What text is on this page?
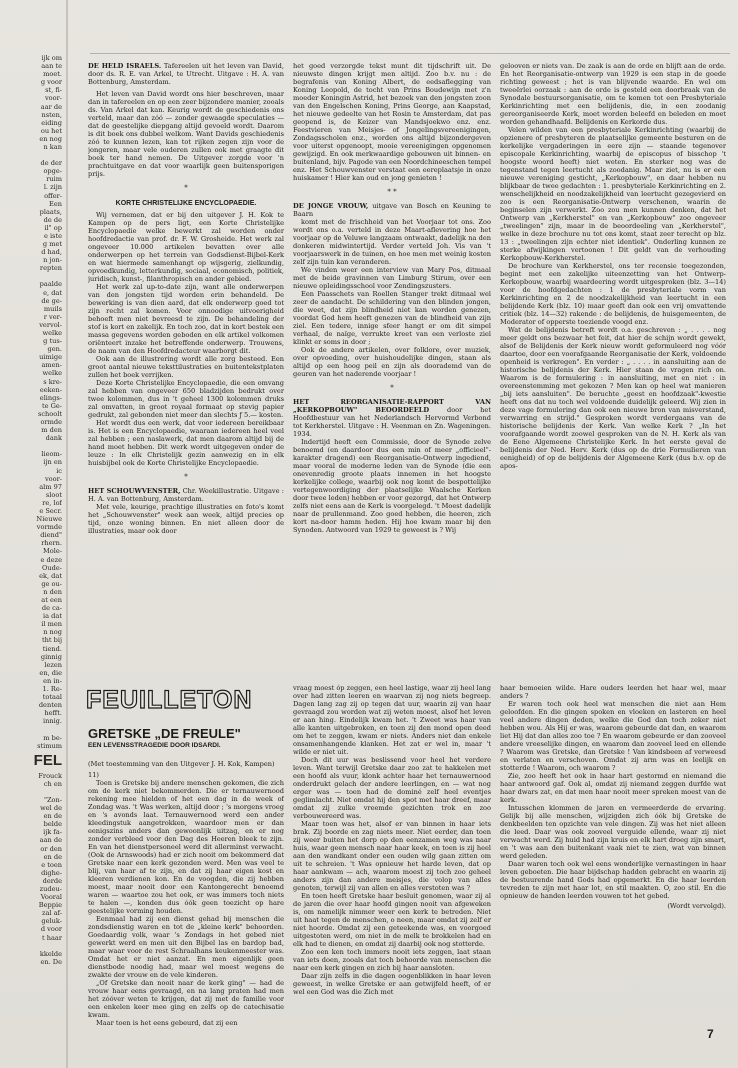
ijk om
aan te
moet.
g voor
st, fi-
voor-
aar de
nsten,
eiding
ou het
en nog
n kan
de der
opge-
ruim
l. zijn
offer-
Een
plaats,
de de
il" op
e iste
g met
d had,
n jon-
repten
paalde
e, dat
de ge-
muils
r ver-
vervol-
welke
g tus-
gen.
uimige
amen-
welke
s kre-
eeken-
elings-
te Ge-
schoolt
ormde
m den
dank
lieom-
ijn en
ic
voor-
alm 97
sloot
re, lof
e Secr.
Nieuwe
vormde
diend"
rhern.
Mole-
e deze
Oude-
ek, dat
ge ou-
n den
at een
de ca-
ia dat
il men
n nog
tht bij
tiend.
ginnig
lezen
en, die
en in-
1. Re-
totaal
denten
hefft.
innig.
m be-
stimum
FEL
Frouck
ch en

"Zon-
wel de
en de
belde
ijk fa-
aan de
or den
en de
e toen
dighe-
derde
zudeu-
Vooral
Beppie
zal af-
geluk-
d voor
t haar

kkelde
en. De

DE HELD ISRAELS. Tafereelen uit het leven van David, door ds. R. E. van Arkel, te Utrecht. Uitgave : H. A. van Bottenburg, Amsterdam.

Het leven van David wordt ons hier beschreven, maar dan in tafereelen en op een zeer bijzondere manier, zooals ds. Van Arkel dat kan. Keurig wordt de geschiedenis ons verteld, maar dan zóó — zonder gewaagde speculaties — dat de geestelijke diepgang altijd gevoeld wordt. Daarom is dit boek ons dubbel welkom. Want Davids geschiedenis zóó te kunnen lezen, kan tot rijken zegen zijn voor de jongeren, maar vele ouderen zullen ook met graagte dit boek ter hand nemen. De Uitgever zorgde voor 'n prachtuitgave en dat voor waarlijk geen buitensporigen prijs.

*
KORTE CHRISTELIJKE ENCYCLOPAEDIE.

Wij vernemen, dat er bij den uitgever J. H. Kok te Kampen op de pers ligt, een Korte Christelijke Encyclopaedie welke bewerkt zal worden onder hoofdredactie van prof. dr. F. W. Grosheide. Het werk zal ongeveer 10.000 artikelen bevatten over alle onderwerpen op het terrein van Godsdienst-Bijbel-Kerk en wat hiermede samenhangt op wijsgerig, zielkundig, opvoedkundig, letterkundig, sociaal, economisch, politiek, juridisch, kunst-, filanthropisch en ander gebied.

Het werk zal up-to-date zijn, want alle onderwerpen van den jongsten tijd worden erin behandeld. De bewerking is van dien aard, dat elk onderwerp goed tot zijn recht zal komen. Voor onnoodige uitvoerigheid behoeft men niet bevreesd te zijn. De behandeling der stof is kort en zakelijk. En toch zoo, dat in kort bestek een massa gegevens worden geboden en elk artikel volkomen oriënteert inzake het betreffende onderwerp. Trouwens, de naam van den Hoofdredacteur waarborgt dit.

Ook aan de illustrering wordt alle zorg besteed. Een groot aantal nieuwe teksttilustraties en buitentekstplaten zullen het boek verrijken.

Deze Korte Christelijke Encyclopaedie, die een omvang zal hebben van ongeveer 650 bladzijden bedrukt over twee kolommen, dus in 't geheel 1300 kolommen druks zal omvatten, in groot royaal formaat op stevig papier gedrukt, zal gebonden niet meer dan slechts ƒ 5.— kosten.

Het wordt dus een werk, dat voor iedereen bereikbaar is. Het is een Encyclopaedie, waaraan iedereen heel veel zal hebben ; een naslawerk, dat men daarom altijd bij de hand moet hebben. Dit werk wordt uitgegeven onder de leuze : In elk Christelijk gezin aanwezig en in elk huisbijbel ook de Korte Christelijke Encyclopaedie.

*

HET SCHOUWVENSTER, Chr. Weekillustratie. Uitgave : H. A. van Bottenburg, Amsterdam.

Met vele, keurige, prachtige illustraties en foto's komt het „Schouwvenster" week aan week, altijd precies op tijd, onze woning binnen. En niet alleen door de illustraties, maar ook door

het goed verzorgde tekst munt dit tijdschrift uit. De nieuwste dingen krijgt men altijd. Zoo b.v. nu : de begrafenis van Koning Albert, de eedsaflegging van Koning Leopold, de tocht van Prins Boudewijn met z'n moeder Koningin Astrid, het bezoek van den jongsten zoon van den Engelschen Koning, Prins George, aan Kaapstad, het nieuwe gedeelte van het Rosin te Amsterdam, dat pas geopend is, de Keizer van Mandsjoekwo enz. enz. Feestvieren van Meisjes- of Jongelingsvereenigingen, Zondagsscholen enz., worden ons altijd bijzondergeven voor uiterst opgenoopt, mooie vereenigingen opgenomen gewijzigd. En ook merkwaardige gebouwen uit binnen- en buitenland, bijv. Pagode van een Noordchineeschen tempel enz. Het Schouwvenster verstaat een eereplaatsje in onze huiskamer ! Hier kan oud en jong genieten !

* *

DE JONGE VROUW, uitgave van Bosch en Keuning te Baarn

komt met de frischheid van het Voorjaar tot ons. Zoo wordt ons o.a. verteld in deze Maart-aflevering hoe het voorjaar op de Veluwe langzaam ontwaakt, dadelijk na den donkeren midwintertijd. Verder verteld Joh. Vis van 't voorjaarswerk in de tuinen, en hoe men met weinig kosten zelf zijn tuin kan veranderen.

We vinden weer een interview van Mary Pos, ditmaal met de beide gravinnen van Limburg Stirum, over een nieuwe opleidingsschool voor Zendingszusters.

Een Paasschets van Roellen Stanger trekt ditmaal wel zeer de aandacht. De schildering van den blinden jongen, die weet, dat zijn blindheid niet kan worden genezen, voordat God hem heeft genezen van de blindheid van zijn ziel. Een tedere, innige sfeer hangt er om dit simpel verhaal, de naïge, verrukte kreet van een verloste ziel klinkt er soms in door ;

Ook de andere artikelen, over folklore, over muziek, over opvoeding, over huishoudelijke dingen, staan als altijd op een hoog peil en zijn als doorademd van de geuren van het naderende voorjaar !

*

HET REORGANISATIE-RAPPORT VAN „KERKOPBOUW" BEOORDEELD	door het Hoofdbestuur van het Nederlandsch Hervormd Verbond tot Kerkherstel. Uitgave : H. Veenman en Zn. Wageningen. 1934.

Indertijd heeft een Commissie, door de Synode zelve benoemd (en daardoor dus een min of meer „officieel"-karakter dragend) een Reorganisatie-Ontwerp ingediend, maar vooral de moderne leden van de Synode (die een onevenredig groote plaats innemen in het hoogste kerkelijke college, waarbij ook nog komt de bespottelijke vertegenwoordiging der plaatselijke Waalsche Kerken door twee leden) hebben er voor gezorgd, dat het Ontwerp zelfs niet eens aan de Kerk is voorgelegd. 't Moest dadelijk naar de prullenmand. Zoo goed hebben, die heeren, zich kort na-door hamm heden. Hij hoe kwam maar bij den Synoden. Antwoord van 1929 te geweest is ? Wij

gelooven er niets van. De zaak is aan de orde en blijft aan de orde. En het Reorganisatie-ontwerp van 1929 is een stap in de goede richting geweest ; het is van blijvende waarde. En wel om tweeërlei oorzaak : aan de orde is gesteld een doorbraak van de Synodale bestuursorganisatie, om te komen tot een Presbyteriale Kerkinrichting met een belijdenis, die, in een zoodanig gereorganiseerde Kerk, moet worden beleefd en beleden en moet worden gehandhaafd. Belijdenis en Kerkorde dus.

Velen wilden van een presbyteriale Kerkinrichting (waarbij de opzienere of presbyteren de plaatselijke gemeente besturen en de kerkelijke vergaderingen in eere zijn — staande tegenover episcopale Kerkinrichting, waarbij de episcopus of bisschop 't hoogste woord heeft) niet weten. En sterker nog was de tegenstand tegen leertucht als zoodanig. Maar ziet, nu is er een nieuwe vereniging gesticht, „Kerkopbouw", en daar hebben nu blijkbaar de twee gedachten : 1. presbyteriale Kerkinrichting en 2. wenschelijkheid en noodzakelijkheid van leertucht gezegevierd en zoo is een Reorganisatie-Ontwerp verschenen, waarin de beginselen zijn verwerkt. Zoo zou men kunnen denken, dat het Ontwerp van „Kerkherstel" en van „Kerkopbouw" zoo ongeveer „tweelingen" zijn, maar in de beoordeeling van „Kerkherstel", welke in deze brochure nu tot ons komt, staat zeer terecht op blz. 13 : „tweelingen zijn echter niet identiek". Onderling kunnen ze sterke afwijkingen vertoonen ! Dit geldt van de verhouding Kerkopbouw-Kerkherstel.

De brochure van Kerkherstel, ons ter recensie toegezonden, begint met een zakelijke uiteenzetting van het Ontwerp-Kerkopbouw, waarbij waardeering wordt uitgesproken (blz. 3—14) voor de hoofdgedachten : 1 de presbyteriale vorm van Kerkinrichting en 2 de noodzakelijkheid van leertucht in een belijdende Kerk (blz. 10) maar geeft dan ook een vrij omvattende critiek (blz. 14—32) rakende : de belijdenis, de huisgemeenten, de Moderator of opperste toeziende voogd enz.

Wat de belijdenis betreft wordt o.a. geschreven : „ . . . . nog meer geldt ons bezwaar het feit, dat hier de schijn wordt gewekt, alsof de Belijdenis der Kerk nieuw wordt geformuleerd nog vóór daartoe, door een voorafgaande Reorganisatie der Kerk, voldoende openheid is verkregen". En verder : „ . . . . in aansluiting aan de historische belijdenis der Kerk. Hier staan de vragen rich on. Waarom is de formulering : in aansluiting, met en niet : in overeenstemming met gekozen ? Men kan op heel wat manieren „bij iets aansluiten". De beruchte „geest en hoofdzaak"-kwestie heeft ons dat nu toch wel voldoende duidelijk geleerd. Wij zien in deze vage formulering dan ook een nieuwe bron van misverstand, verwarring en strijd." Gesproken wordt verdergaans van de historische belijdenis der Kerk. Van welke Kerk ? „In het voorafgaande wordt zoowel gesproken van de N. H. Kerk als van de Eene Algemeene Christelijke Kerk. In het eerste geval de belijdenis der Ned. Herv. Kerk (dus op de drie Formulieren van eenigheid) of op de belijdenis der Algemeene Kerk (dus b.v. op de apos-

FEUILLETON
GRETSKE „DE FREULE"
EEN LEVENSSTRAGEDIE DOOR IDSARDI.

(Met toestemming van den Uitgever J. H. Kok, Kampen)

11)

Toen is Gretske bij andere menschen gekomen, die zich om de kerk niet bekommerden. Die er ternauwernood rekening mee hielden of het een dag in de week of Zondag was. 't Was werken, altijd door ; 's morgens vroeg en 's avonds laat. Ternauwernood werd een ander kleedingstuk aangetrokken, waardoor men er dan eenigszins anders dan gewoonlijk uitzag, en er nog zonder verbleed voor den Dag des Heeren bleek te zijn. En van het dienstpersoneel werd dit allerminst verwacht. (Ook de Arnswoods) had er zich nooit om bekommerd dat Gretske naar een kerk gezonden werd. Men was veel te blij, van haar af te zijn, en dat zij haar eigen kost en kleeren verdienen kon. En de voogden, die zij hebben moest, maar nooit door een Kantongerecht benoemd waren — waartoe zou het ook, er was immers toch niets te halen —, konden dus óók geen toezicht op hare geestelijke vorming houden.

Eenmaal had zij een dienst gehad bij menschen die zondsdienstig waren en tot de „kleine kerk" behoorden. Goedaardig volk, waar 's Zondags in het gebed niet gewerkt werd en men uit den Bijbel las en bardop bad, maar waar voor de rest Schraalhans keukenmeester was. Omdat het er niet aanzat. En men eigenlijk geen dienstbode noodig had, maar wel moest wegens de zwakte der vrouw en de vele kinderen.

„Of Gretske dan nooit naar de kerk ging" — had de vrouw haar eens gevraagd, en na lang praten had men het zóóver weten te krijgen, dat zij met de familie voor een enkelen keer mee ging en zelfs op de catechisatie kwam.

Maar toen is het eens gebeurd, dat zij een

vraag moest óp zeggen, een heel lastige, waar zij heel lang over had zitten leeren en waarvan zij nog niets begreep. Dagen lang zag zij op tegen dat uur, waarin zij van haar gevraagd zou worden wat zij weten moest, alsof het leven er aan hing. Eindelijk kwam het. 't Zweet was haar van alle kanten uitgebroken, en toen zij den mond open deed om het te zeggen, kwam er niets. Anders niet dan enkele onsamenhangende klanken. Het zat er wel in, maar 't wilde er niet uit.

Doch dit uur was beslissend voor heel het verdere leven. Want terwijl Gretske daar zoo zat te hakkelen met een hoofd als vuur, klonk achter haar het ternauwernood onderdrukt gelach der andere leerlingen, en — wat nog erger was — toen had de dominé zelf heel eventjes geglimlacht. Niet omdat hij den spot met haar dreef, maar omdat zij zulke vreemde gezichten trok en zoo verbouwereerd was.

Maar toen was het, alsof er van binnen in haar iets brak. Zij boorde en zag niets meer. Niet eerder, dan toen zij weer buiten het dorp op den eenzamen weg was naar huis, waar geen mensch naar haar keek, en toen is zij heel aan den wandkant onder een ouden wilg gaan zitten om uit te schreien. 't Was opnieuw het harde leven, dat op haar aankwam — ach, waarom moest zij toch zoo geheel anders zijn dan andere meisjes, die volop van alles genoten, terwijl zij van allen en alles verstoten was ?

En toen heeft Gretske haar besluit genomen, waar zij al de jaren die over haar hoofd gingen nooit van afgeweken is, om namelijk nimmer weer een kerk te betreden. Niet uit haat tegen de menschen, o neen, maar omdat zij zelf er niet hoorde. Omdat zij een geteekende was, en voorgoed uitgestoten werd, om niet in de melk te brokkelen had en elk had te dienen, en omdat zij daarbij ook nog stotterde.

Zoo een ken toch immers nooit iets zeggen, laat staan van iets doen, zooals dat toch behoorde van menschen die naar een kerk gingen en zich bij haar aansloten.

Daar zijn zelfs in die dagen oogenblikken in haar leven geweest, in welke Gretske er aan getwijfeld heeft, of er wel een God was die Zich met

haar bemoeien wilde. Hare ouders leerden het haar wel, maar anders ?

Er waren toch ook heel wat menschen die niet aan Hem geloofden. En die gingen spoken en vloeken en lasteren en heel veel andere dingen deden, welke die God dan toch zeker niet hebben wou. Als Hij er was, waarom gebeurde dat dan, en waarom liet Hij dat dan alles zoo toe ? En waarom gebeurde er dan zooveel andere vreeselijke dingen, en waarom dan zooveel leed en ellende ? Waarom was Gretske, dan Gretske ! Van kindsbeen af verweesd en verlaten en verschoven. Omdat zij arm was en leelijk en stotterde ! Waarom, och waarom ?

Zie, zoo heeft het ook in haar hart gestormd en niemand die haar antwoord gaf. Ook al, omdat zij niemand zeggen durfde wat haar dwars zat, en dat men haar nooit meer spreken moest van de kerk.

Intusschen klommen de jaren en vermeerderde de ervaring. Gelijk bij alle menschen, wijzigden zich óók bij Gretske de denkbeelden ten opzichte van vele dingen. Zij was het niet alleen die leed. Daar was ook zooveel verguide ellende, waar zij niet verwacht werd. Zij huid had zijn kruis en elk hart droeg zijn smart, en 't was aan den buitenkant vaak niet te zien, wat van binnen werd geleden.

Daar waren toch ook wel eens wonderlijke vernastingen in haar leven geboeten. Die haar bijdschap hadden gebracht en waarin zij de bestuurende hand Gods had opgemerkt. En die haar leerden tevreden te zijn met haar lot, en stil maakten. O, zoo stil. En die opnieuw de handen leerden vouwen tot het gebed.

(Wordt vervolgd).
7
